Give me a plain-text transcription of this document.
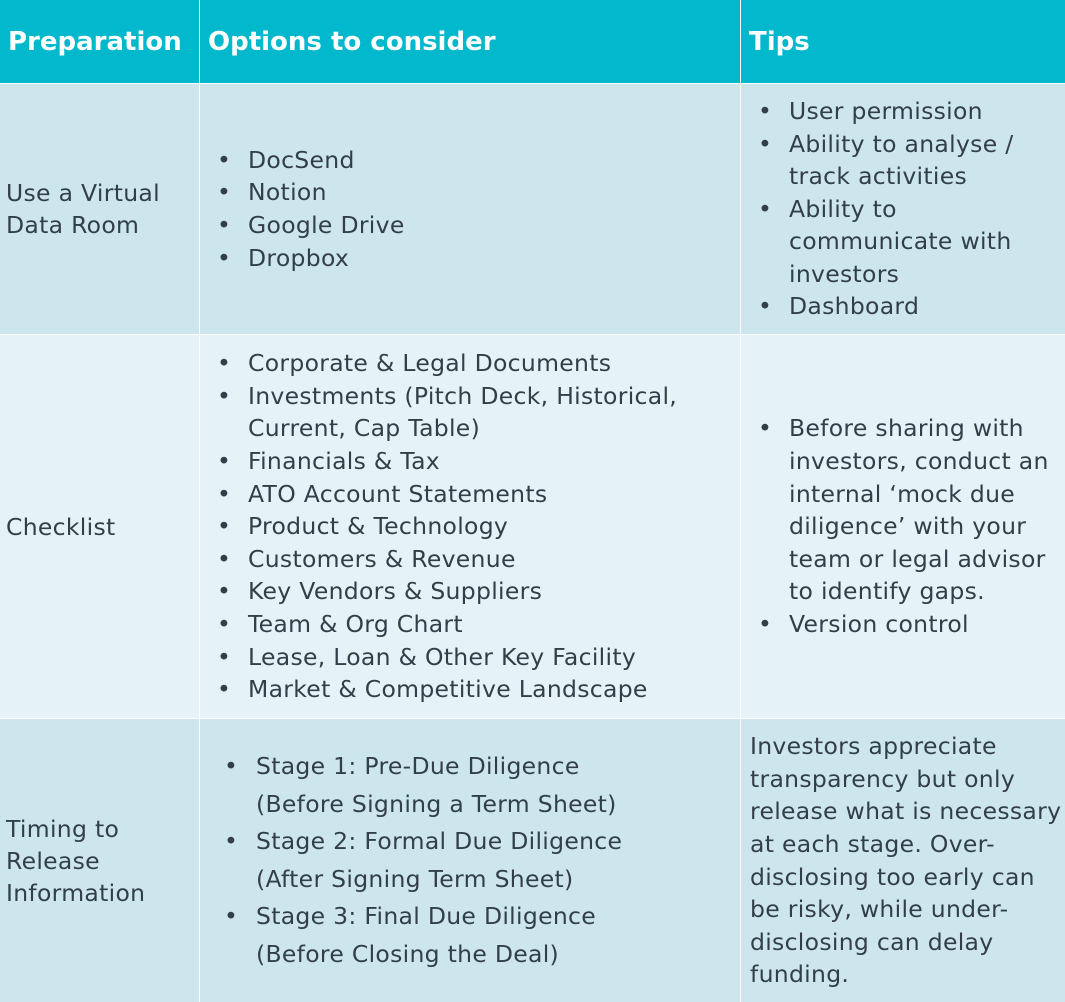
Preparation	Options to consider	Tips
Use a Virtual Data Room
• DocSend
• Notion
• Google Drive
• Dropbox
• User permission
• Ability to analyse / track activities
• Ability to communicate with investors
• Dashboard
Checklist
• Corporate & Legal Documents
• Investments (Pitch Deck, Historical, Current, Cap Table)
• Financials & Tax
• ATO Account Statements
• Product & Technology
• Customers & Revenue
• Key Vendors & Suppliers
• Team & Org Chart
• Lease, Loan & Other Key Facility
• Market & Competitive Landscape
• Before sharing with investors, conduct an internal ‘mock due diligence’ with your team or legal advisor to identify gaps.
• Version control
Timing to Release Information
• Stage 1: Pre-Due Diligence (Before Signing a Term Sheet)
• Stage 2: Formal Due Diligence (After Signing Term Sheet)
• Stage 3: Final Due Diligence (Before Closing the Deal)
Investors appreciate transparency but only release what is necessary at each stage. Over-disclosing too early can be risky, while under-disclosing can delay funding.
